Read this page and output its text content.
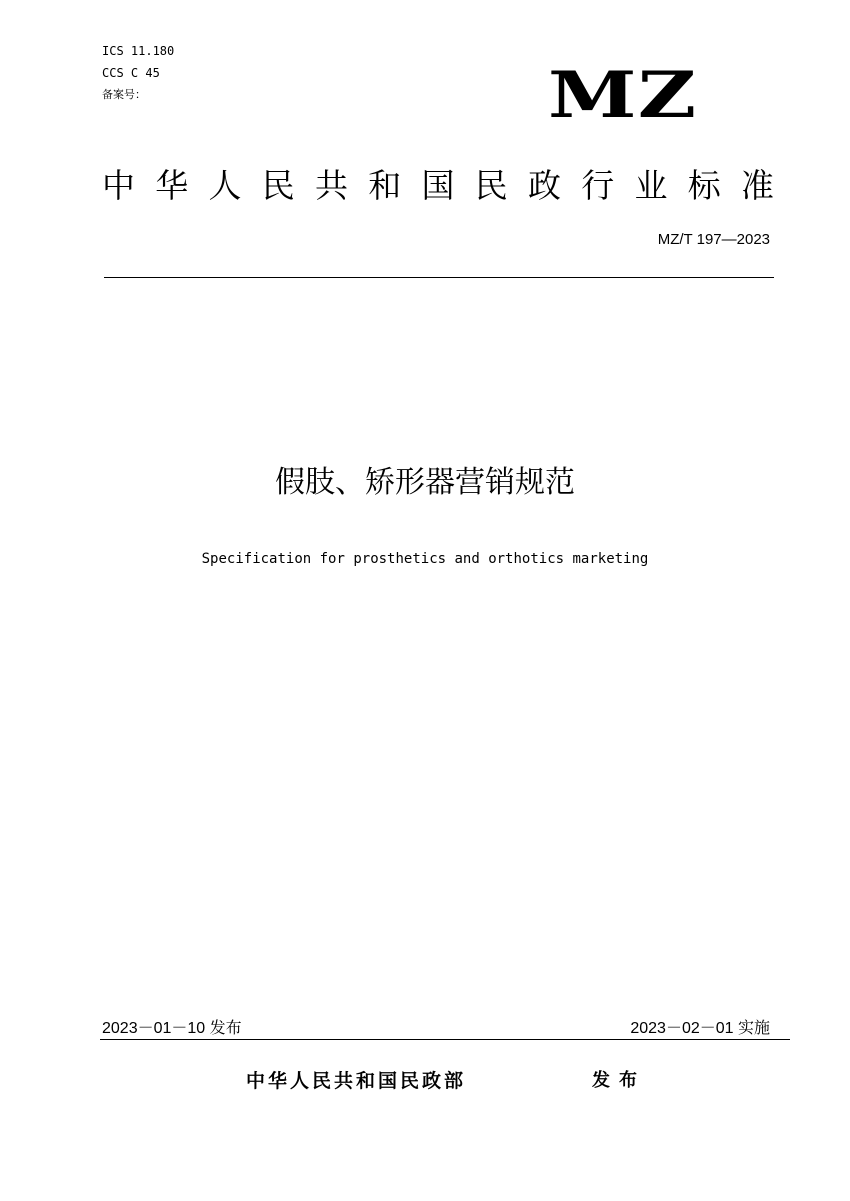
ICS 11.180
CCS C 45
备案号：	MZ
中 华 人 民 共 和 国 民 政 行 业 标 准
MZ/T 197—2023
假肢、矫形器营销规范
Specification for prosthetics and orthotics marketing
2023－01－10 发布	2023－02－01 实施
中华人民共和国民政部	发布
